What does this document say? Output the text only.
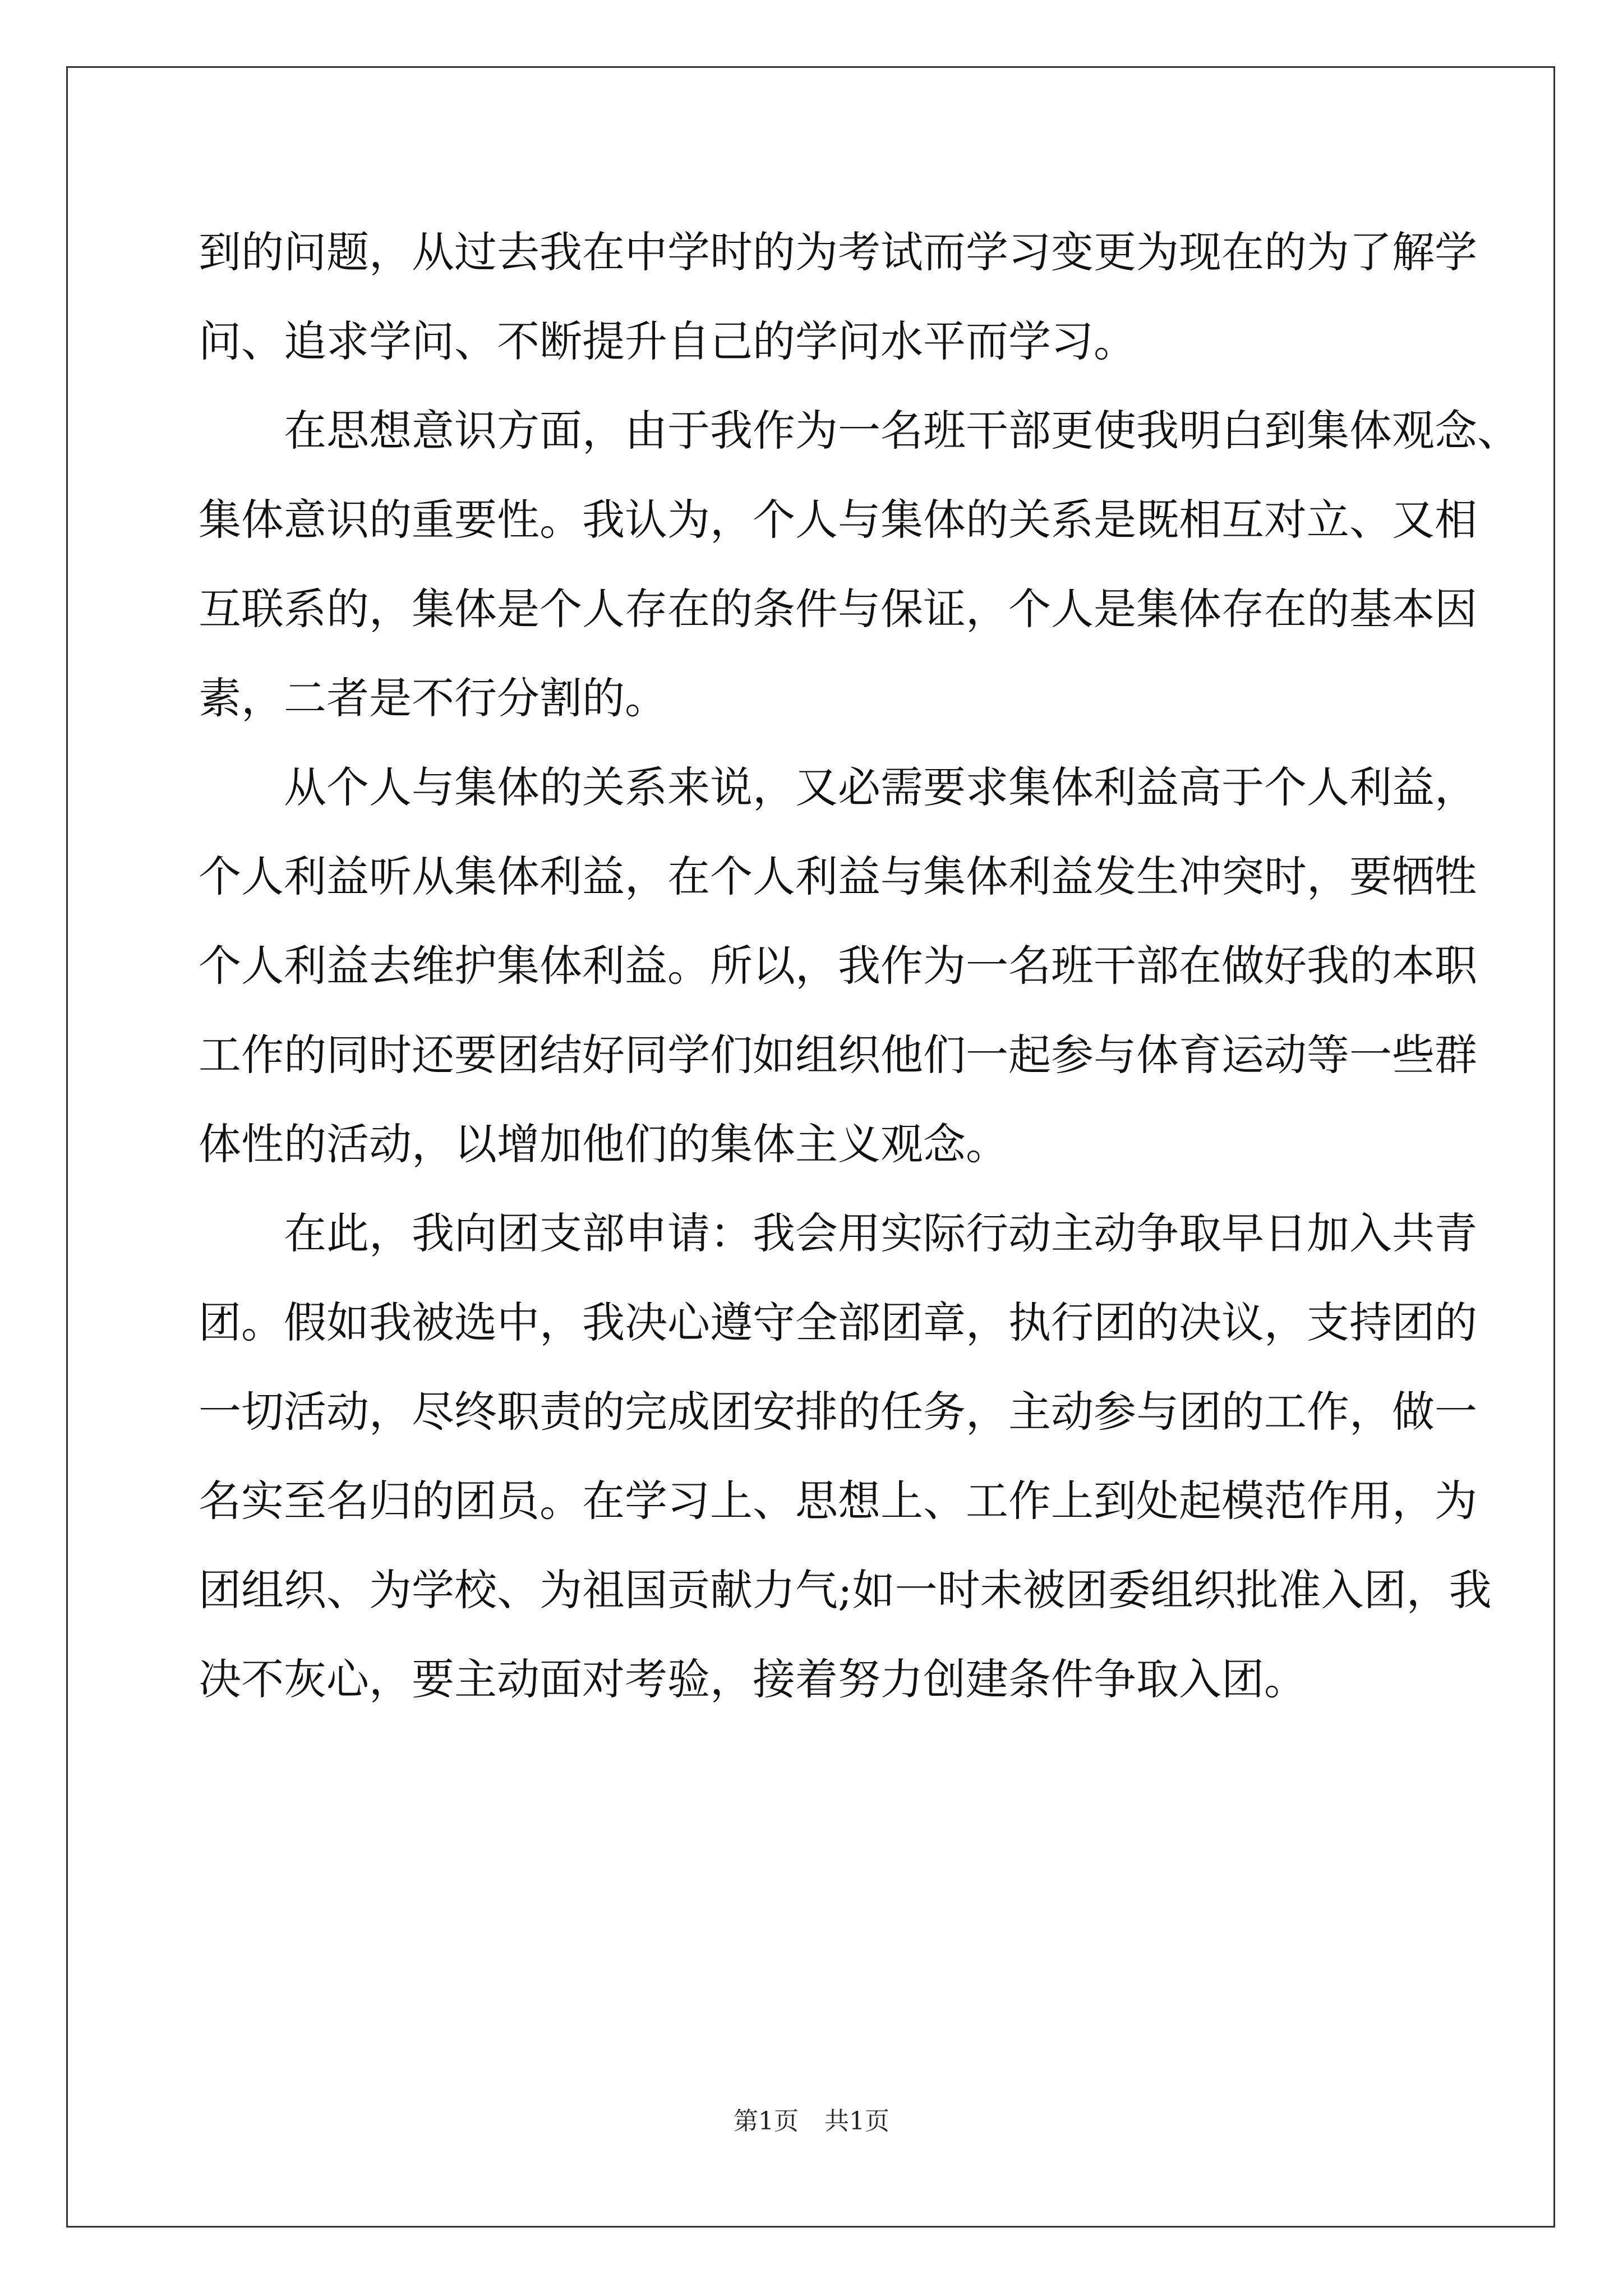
到的问题，从过去我在中学时的为考试而学习变更为现在的为了解学
问、追求学问、不断提升自己的学问水平而学习。
在思想意识方面，由于我作为一名班干部更使我明白到集体观念、
集体意识的重要性。我认为，个人与集体的关系是既相互对立、又相
互联系的，集体是个人存在的条件与保证，个人是集体存在的基本因
素，二者是不行分割的。
从个人与集体的关系来说，又必需要求集体利益高于个人利益，
个人利益听从集体利益，在个人利益与集体利益发生冲突时，要牺牲
个人利益去维护集体利益。所以，我作为一名班干部在做好我的本职
工作的同时还要团结好同学们如组织他们一起参与体育运动等一些群
体性的活动，以增加他们的集体主义观念。
在此，我向团支部申请：我会用实际行动主动争取早日加入共青
团。假如我被选中，我决心遵守全部团章，执行团的决议，支持团的
一切活动，尽终职责的完成团安排的任务，主动参与团的工作，做一
名实至名归的团员。在学习上、思想上、工作上到处起模范作用，为
团组织、为学校、为祖国贡献力气;如一时未被团委组织批准入团，我
决不灰心，要主动面对考验，接着努力创建条件争取入团。
第1页 共1页
